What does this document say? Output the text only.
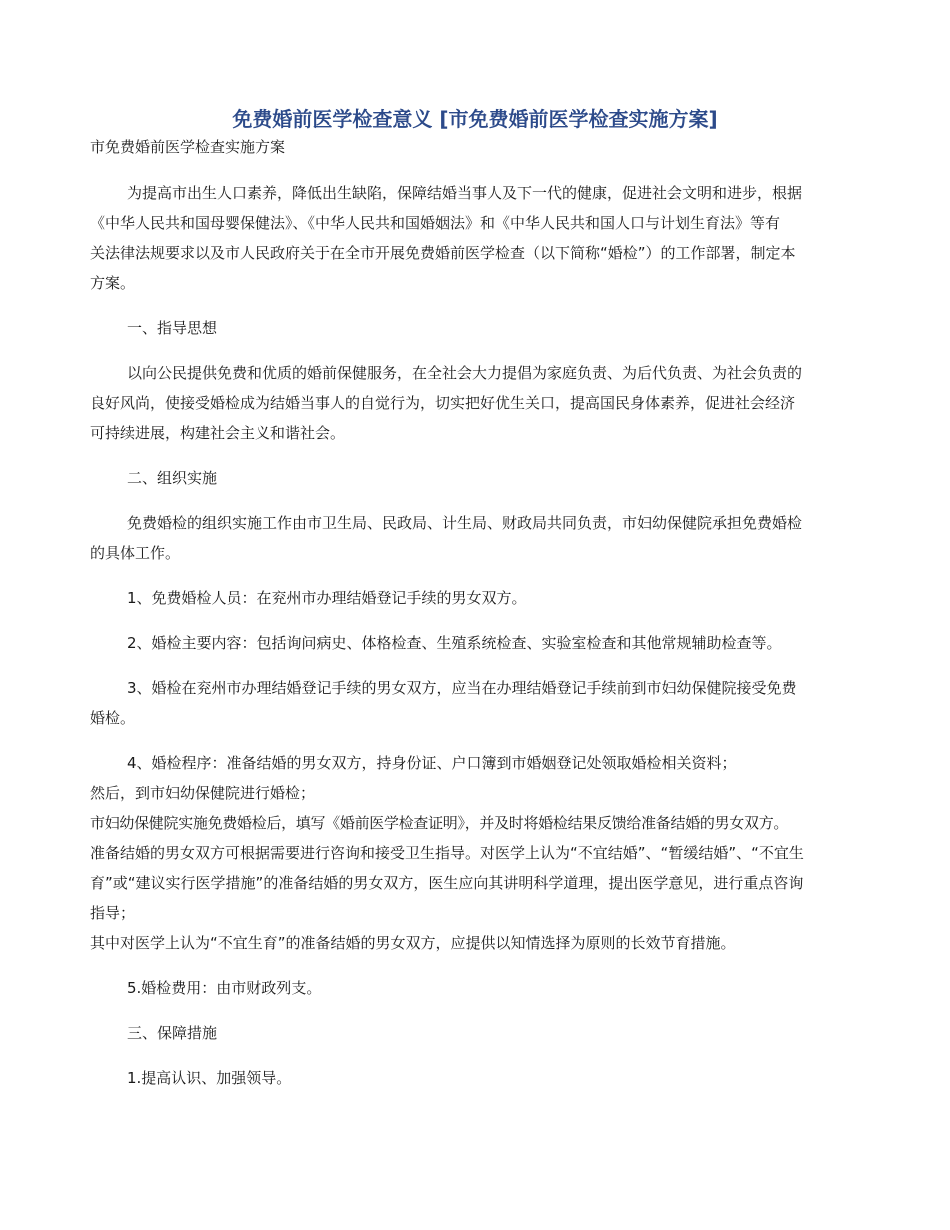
免费婚前医学检查意义 [市免费婚前医学检查实施方案]

市免费婚前医学检查实施方案

为提高市出生人口素养，降低出生缺陷，保障结婚当事人及下一代的健康，促进社会文明和进步，根据
《中华人民共和国母婴保健法》、《中华人民共和国婚姻法》和《中华人民共和国人口与计划生育法》等有
关法律法规要求以及市人民政府关于在全市开展免费婚前医学检查（以下简称“婚检”）的工作部署，制定本
方案。

一、指导思想

以向公民提供免费和优质的婚前保健服务，在全社会大力提倡为家庭负责、为后代负责、为社会负责的
良好风尚，使接受婚检成为结婚当事人的自觉行为，切实把好优生关口，提高国民身体素养，促进社会经济
可持续进展，构建社会主义和谐社会。

二、组织实施

免费婚检的组织实施工作由市卫生局、民政局、计生局、财政局共同负责，市妇幼保健院承担免费婚检
的具体工作。

1、免费婚检人员：在兖州市办理结婚登记手续的男女双方。

2、婚检主要内容：包括询问病史、体格检查、生殖系统检查、实验室检查和其他常规辅助检查等。

3、婚检在兖州市办理结婚登记手续的男女双方，应当在办理结婚登记手续前到市妇幼保健院接受免费
婚检。

4、婚检程序：准备结婚的男女双方，持身份证、户口簿到市婚姻登记处领取婚检相关资料；
然后，到市妇幼保健院进行婚检；
市妇幼保健院实施免费婚检后，填写《婚前医学检查证明》，并及时将婚检结果反馈给准备结婚的男女双方。
准备结婚的男女双方可根据需要进行咨询和接受卫生指导。对医学上认为“不宜结婚”、“暂缓结婚”、“不宜生
育”或“建议实行医学措施”的准备结婚的男女双方，医生应向其讲明科学道理，提出医学意见，进行重点咨询
指导；
其中对医学上认为“不宜生育”的准备结婚的男女双方，应提供以知情选择为原则的长效节育措施。

5.婚检费用：由市财政列支。

三、保障措施

1.提高认识、加强领导。
